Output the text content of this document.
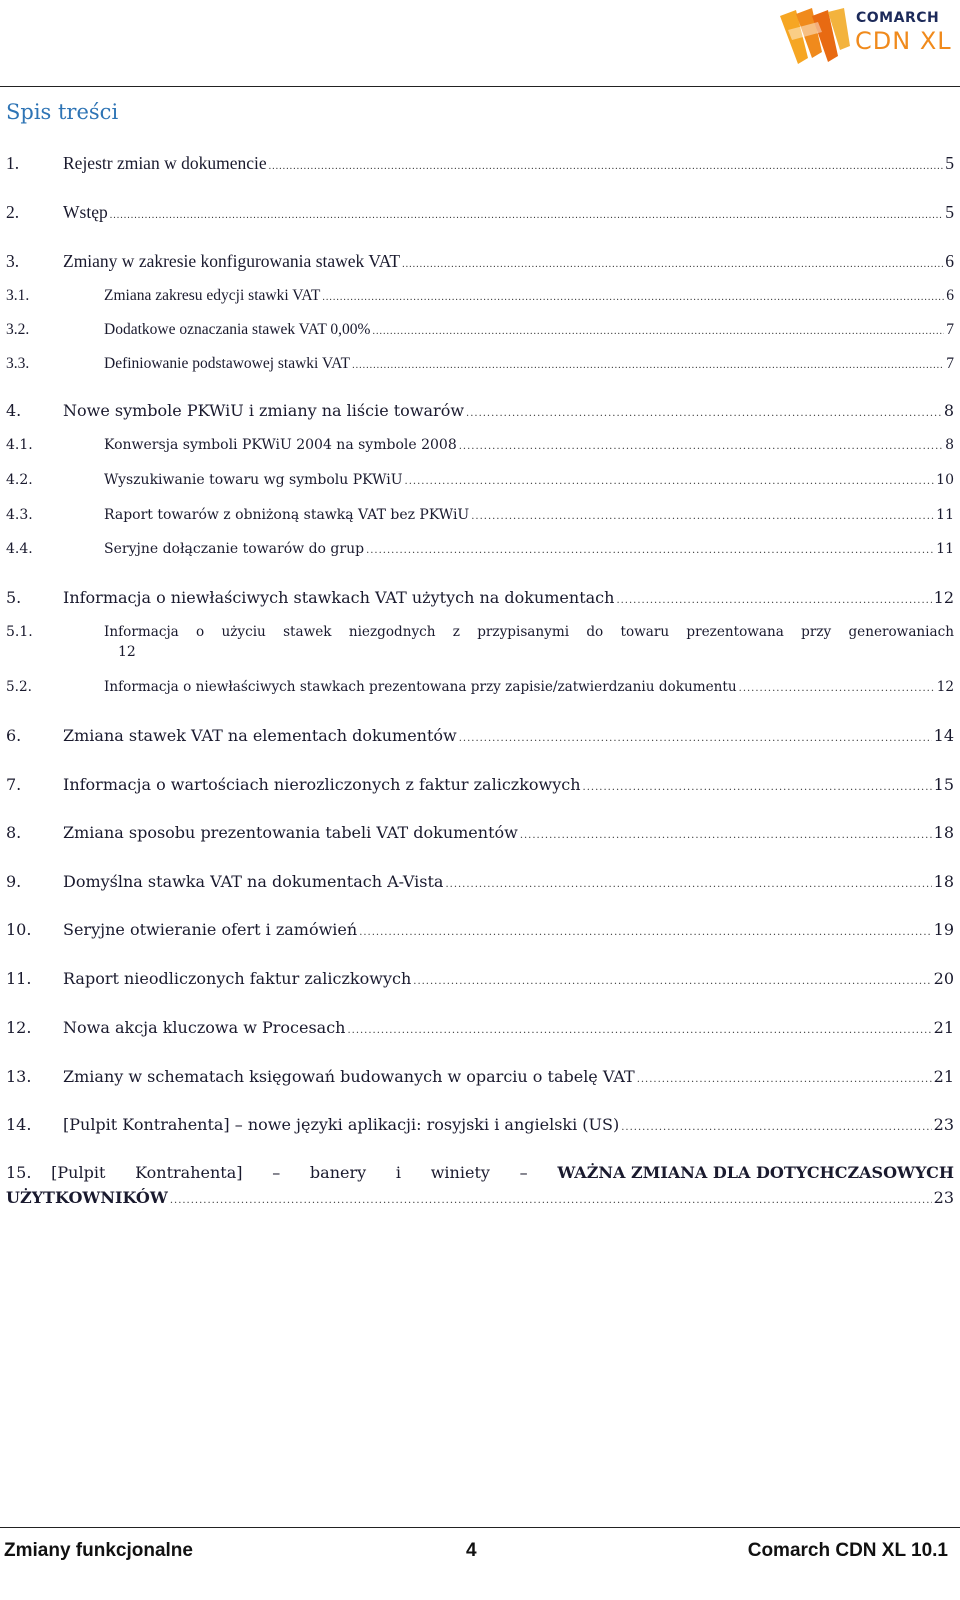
COMARCH
CDN XL
Spis treści
1.	Rejestr zmian w dokumencie .....	5
2.	Wstęp .....	5
3.	Zmiany w zakresie konfigurowania stawek VAT .....	6
3.1.	Zmiana zakresu edycji stawki VAT .....	6
3.2.	Dodatkowe oznaczania stawek VAT 0,00% .....	7
3.3.	Definiowanie podstawowej stawki VAT .....	7
4.	Nowe symbole PKWiU i zmiany na liście towarów .....	8
4.1.	Konwersja symboli PKWiU 2004 na symbole 2008 .....	8
4.2.	Wyszukiwanie towaru wg symbolu PKWiU .....	10
4.3.	Raport towarów z obniżoną stawką VAT bez PKWiU .....	11
4.4.	Seryjne dołączanie towarów do grup .....	11
5.	Informacja o niewłaściwych stawkach VAT użytych na dokumentach .....	12
5.1.	Informacja o użyciu stawek niezgodnych z przypisanymi do towaru prezentowana przy generowaniach
12
5.2.	Informacja o niewłaściwych stawkach prezentowana przy zapisie/zatwierdzaniu dokumentu .....	12
6.	Zmiana stawek VAT na elementach dokumentów .....	14
7.	Informacja o wartościach nierozliczonych z faktur zaliczkowych .....	15
8.	Zmiana sposobu prezentowania tabeli VAT dokumentów .....	18
9.	Domyślna stawka VAT na dokumentach A-Vista .....	18
10.	Seryjne otwieranie ofert i zamówień .....	19
11.	Raport nieodliczonych faktur zaliczkowych .....	20
12.	Nowa akcja kluczowa w Procesach .....	21
13.	Zmiany w schematach księgowań budowanych w oparciu o tabelę VAT .....	21
14.	[Pulpit Kontrahenta] – nowe języki aplikacji: rosyjski i angielski (US) .....	23
15. [Pulpit Kontrahenta] – banery i winiety – WAŻNA ZMIANA DLA DOTYCHCZASOWYCH
UŻYTKOWNIKÓW .....	23
Zmiany funkcjonalne	4	Comarch CDN XL 10.1
